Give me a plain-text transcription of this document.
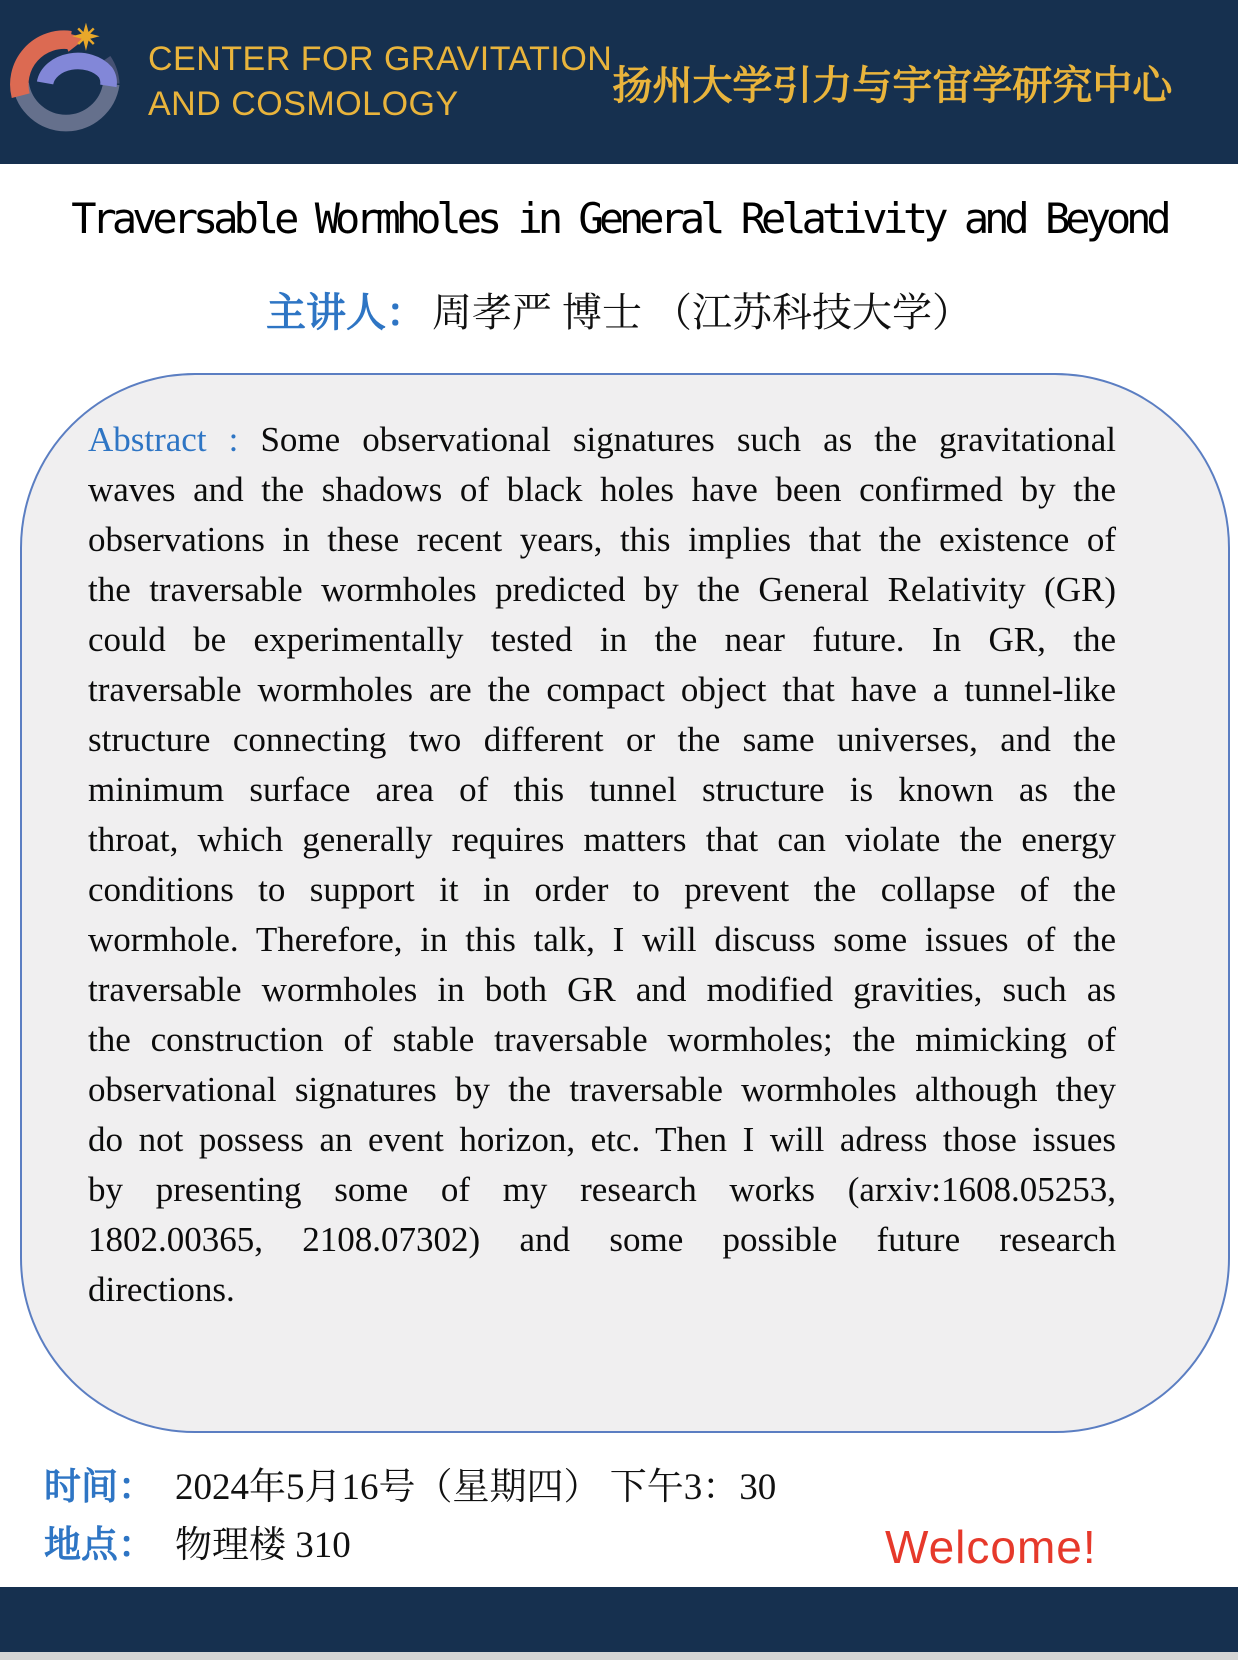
CENTER FOR GRAVITATION
AND COSMOLOGY	扬州大学引力与宇宙学研究中心
Traversable Wormholes in General Relativity and Beyond
主讲人： 周孝严 博士 （江苏科技大学）

Abstract : Some observational signatures such as the gravitational waves and the shadows of black holes have been confirmed by the observations in these recent years, this implies that the existence of the traversable wormholes predicted by the General Relativity (GR) could be experimentally tested in the near future. In GR, the traversable wormholes are the compact object that have a tunnel-like structure connecting two different or the same universes, and the minimum surface area of this tunnel structure is known as the throat, which generally requires matters that can violate the energy conditions to support it in order to prevent the collapse of the wormhole. Therefore, in this talk, I will discuss some issues of the traversable wormholes in both GR and modified gravities, such as the construction of stable traversable wormholes; the mimicking of observational signatures by the traversable wormholes although they do not possess an event horizon, etc. Then I will adress those issues by presenting some of my research works (arxiv:1608.05253, 1802.00365, 2108.07302) and some possible future research directions.

时间： 2024年5月16号（星期四） 下午3：30
地点： 物理楼 310	Welcome!
